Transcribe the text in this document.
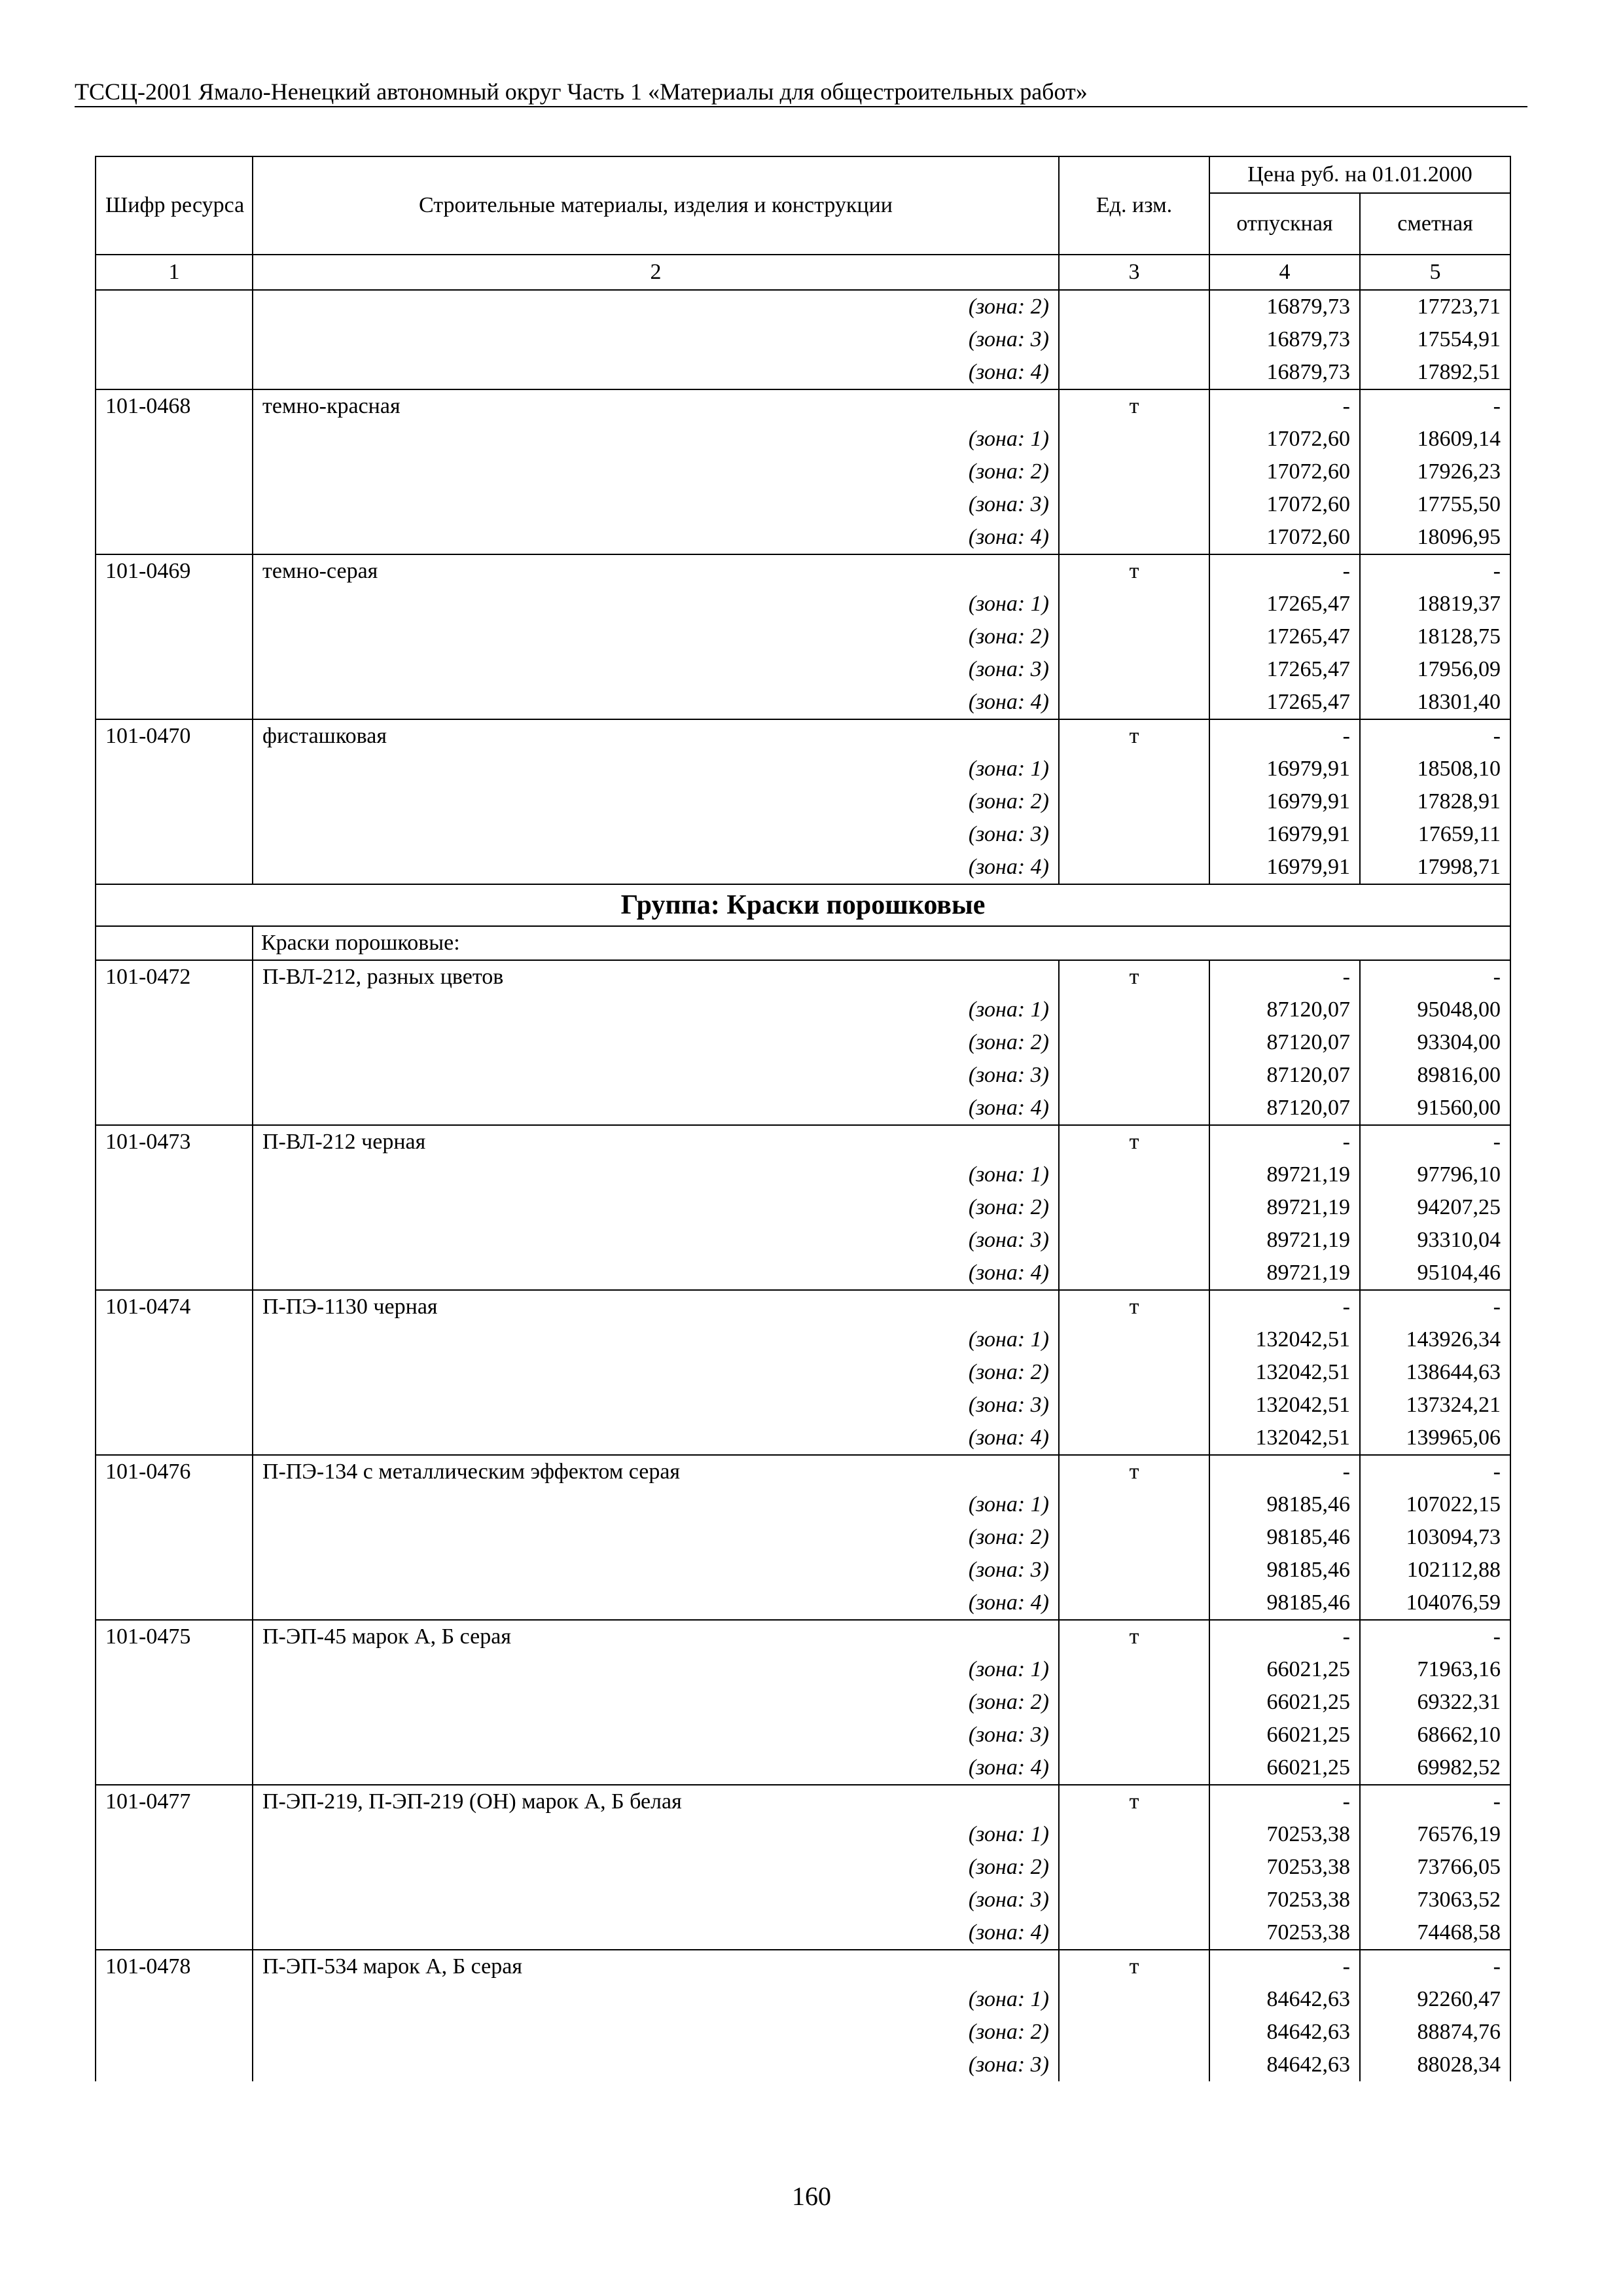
ТССЦ-2001 Ямало-Ненецкий автономный округ Часть 1 «Материалы для общестроительных работ»
Шифр ресурса	Строительные материалы, изделия и конструкции	Ед. изм.	Цена руб. на 01.01.2000	
			отпускная	сметная
1	2	3	4	5
	(зона: 2)		16879,73	17723,71
	(зона: 3)		16879,73	17554,91
	(зона: 4)		16879,73	17892,51
101-0468	темно-красная	т	-	-
	(зона: 1)		17072,60	18609,14
	(зона: 2)		17072,60	17926,23
	(зона: 3)		17072,60	17755,50
	(зона: 4)		17072,60	18096,95
101-0469	темно-серая	т	-	-
	(зона: 1)		17265,47	18819,37
	(зона: 2)		17265,47	18128,75
	(зона: 3)		17265,47	17956,09
	(зона: 4)		17265,47	18301,40
101-0470	фисташковая	т	-	-
	(зона: 1)		16979,91	18508,10
	(зона: 2)		16979,91	17828,91
	(зона: 3)		16979,91	17659,11
	(зона: 4)		16979,91	17998,71
Группа: Краски порошковые				
	Краски порошковые:			
101-0472	П-ВЛ-212, разных цветов	т	-	-
	(зона: 1)		87120,07	95048,00
	(зона: 2)		87120,07	93304,00
	(зона: 3)		87120,07	89816,00
	(зона: 4)		87120,07	91560,00
101-0473	П-ВЛ-212 черная	т	-	-
	(зона: 1)		89721,19	97796,10
	(зона: 2)		89721,19	94207,25
	(зона: 3)		89721,19	93310,04
	(зона: 4)		89721,19	95104,46
101-0474	П-ПЭ-1130 черная	т	-	-
	(зона: 1)		132042,51	143926,34
	(зона: 2)		132042,51	138644,63
	(зона: 3)		132042,51	137324,21
	(зона: 4)		132042,51	139965,06
101-0476	П-ПЭ-134 с металлическим эффектом серая	т	-	-
	(зона: 1)		98185,46	107022,15
	(зона: 2)		98185,46	103094,73
	(зона: 3)		98185,46	102112,88
	(зона: 4)		98185,46	104076,59
101-0475	П-ЭП-45 марок А, Б серая	т	-	-
	(зона: 1)		66021,25	71963,16
	(зона: 2)		66021,25	69322,31
	(зона: 3)		66021,25	68662,10
	(зона: 4)		66021,25	69982,52
101-0477	П-ЭП-219, П-ЭП-219 (ОН) марок А, Б белая	т	-	-
	(зона: 1)		70253,38	76576,19
	(зона: 2)		70253,38	73766,05
	(зона: 3)		70253,38	73063,52
	(зона: 4)		70253,38	74468,58
101-0478	П-ЭП-534 марок А, Б серая	т	-	-
	(зона: 1)		84642,63	92260,47
	(зона: 2)		84642,63	88874,76
	(зона: 3)		84642,63	88028,34
160
